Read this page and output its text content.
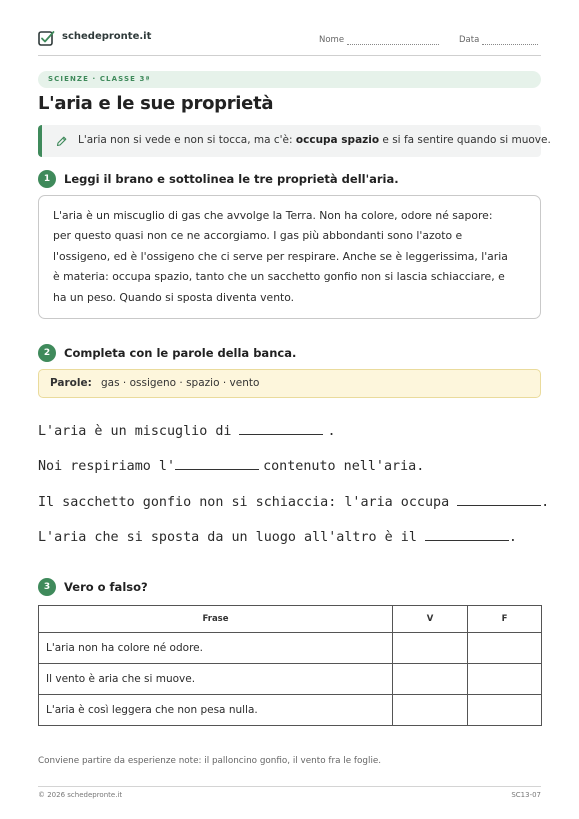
schedepronte.it	Nome	Data
SCIENZE · CLASSE 3ª
L'aria e le sue proprietà
L'aria non si vede e non si tocca, ma c'è: occupa spazio e si fa sentire quando si muove.
1	Leggi il brano e sottolinea le tre proprietà dell'aria.
L'aria è un miscuglio di gas che avvolge la Terra. Non ha colore, odore né sapore:
per questo quasi non ce ne accorgiamo. I gas più abbondanti sono l'azoto e
l'ossigeno, ed è l'ossigeno che ci serve per respirare. Anche se è leggerissima, l'aria
è materia: occupa spazio, tanto che un sacchetto gonfio non si lascia schiacciare, e
ha un peso. Quando si sposta diventa vento.
2	Completa con le parole della banca.
Parole: gas · ossigeno · spazio · vento
L'aria è un miscuglio di	.
Noi respiriamo l'	contenuto nell'aria.
Il sacchetto gonfio non si schiaccia: l'aria occupa	.
L'aria che si sposta da un luogo all'altro è il	.
3	Vero o falso?
Frase	V	F
L'aria non ha colore né odore.		
Il vento è aria che si muove.		
L'aria è così leggera che non pesa nulla.		
Conviene partire da esperienze note: il palloncino gonfio, il vento fra le foglie.
© 2026 schedepronte.it	SC13-07
